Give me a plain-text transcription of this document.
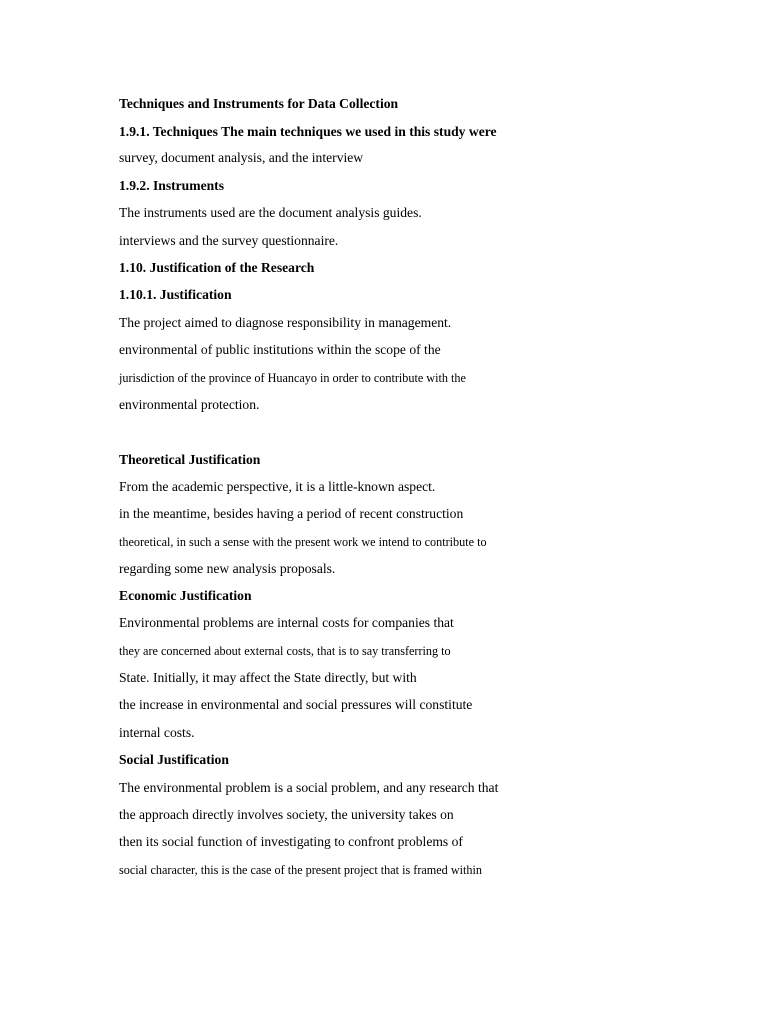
Techniques and Instruments for Data Collection
1.9.1. Techniques The main techniques we used in this study were
survey, document analysis, and the interview
1.9.2. Instruments
The instruments used are the document analysis guides.
interviews and the survey questionnaire.
1.10. Justification of the Research
1.10.1. Justification
The project aimed to diagnose responsibility in management.
environmental of public institutions within the scope of the
jurisdiction of the province of Huancayo in order to contribute with the
environmental protection.
Theoretical Justification
From the academic perspective, it is a little-known aspect.
in the meantime, besides having a period of recent construction
theoretical, in such a sense with the present work we intend to contribute to
regarding some new analysis proposals.
Economic Justification
Environmental problems are internal costs for companies that
they are concerned about external costs, that is to say transferring to
State. Initially, it may affect the State directly, but with
the increase in environmental and social pressures will constitute
internal costs.
Social Justification
The environmental problem is a social problem, and any research that
the approach directly involves society, the university takes on
then its social function of investigating to confront problems of
social character, this is the case of the present project that is framed within
